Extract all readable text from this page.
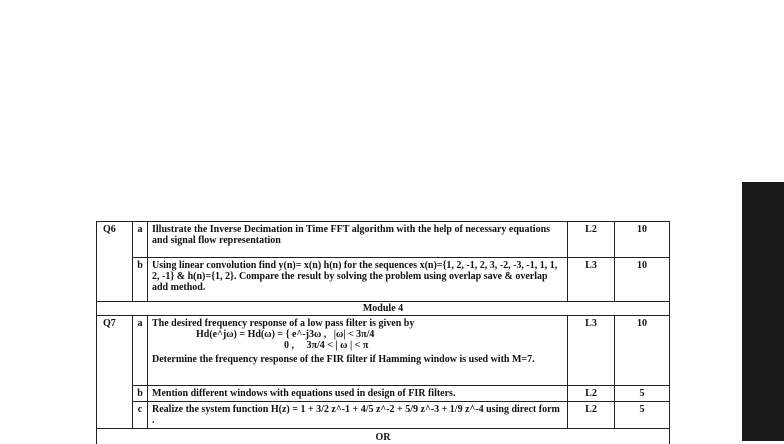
Q6	a	Illustrate the Inverse Decimation in Time FFT algorithm with the help of necessary equations and signal flow representation	L2	10
	b	Using linear convolution find y(n)= x(n) h(n) for the sequences x(n)={1, 2, -1, 2, 3, -2, -3, -1, 1, 1, 2, -1} & h(n)={1, 2}. Compare the result by solving the problem using overlap save & overlap add method.	L3	10
Module 4				
Q7	a	The desired frequency response of a low pass filter is given by
Hd(e^jω) = Hd(ω) = { e^-j3ω ,   |ω| < 3π/4
0 ,     3π/4 < | ω | < π
Determine the frequency response of the FIR filter if Hamming window is used with M=7.	L3	10
	b	Mention different windows with equations used in design of FIR filters.	L2	5
	c	Realize the system function H(z) = 1 + 3/2 z^-1 + 4/5 z^-2 + 5/9 z^-3 + 1/9 z^-4 using direct form .	L2	5
OR				
